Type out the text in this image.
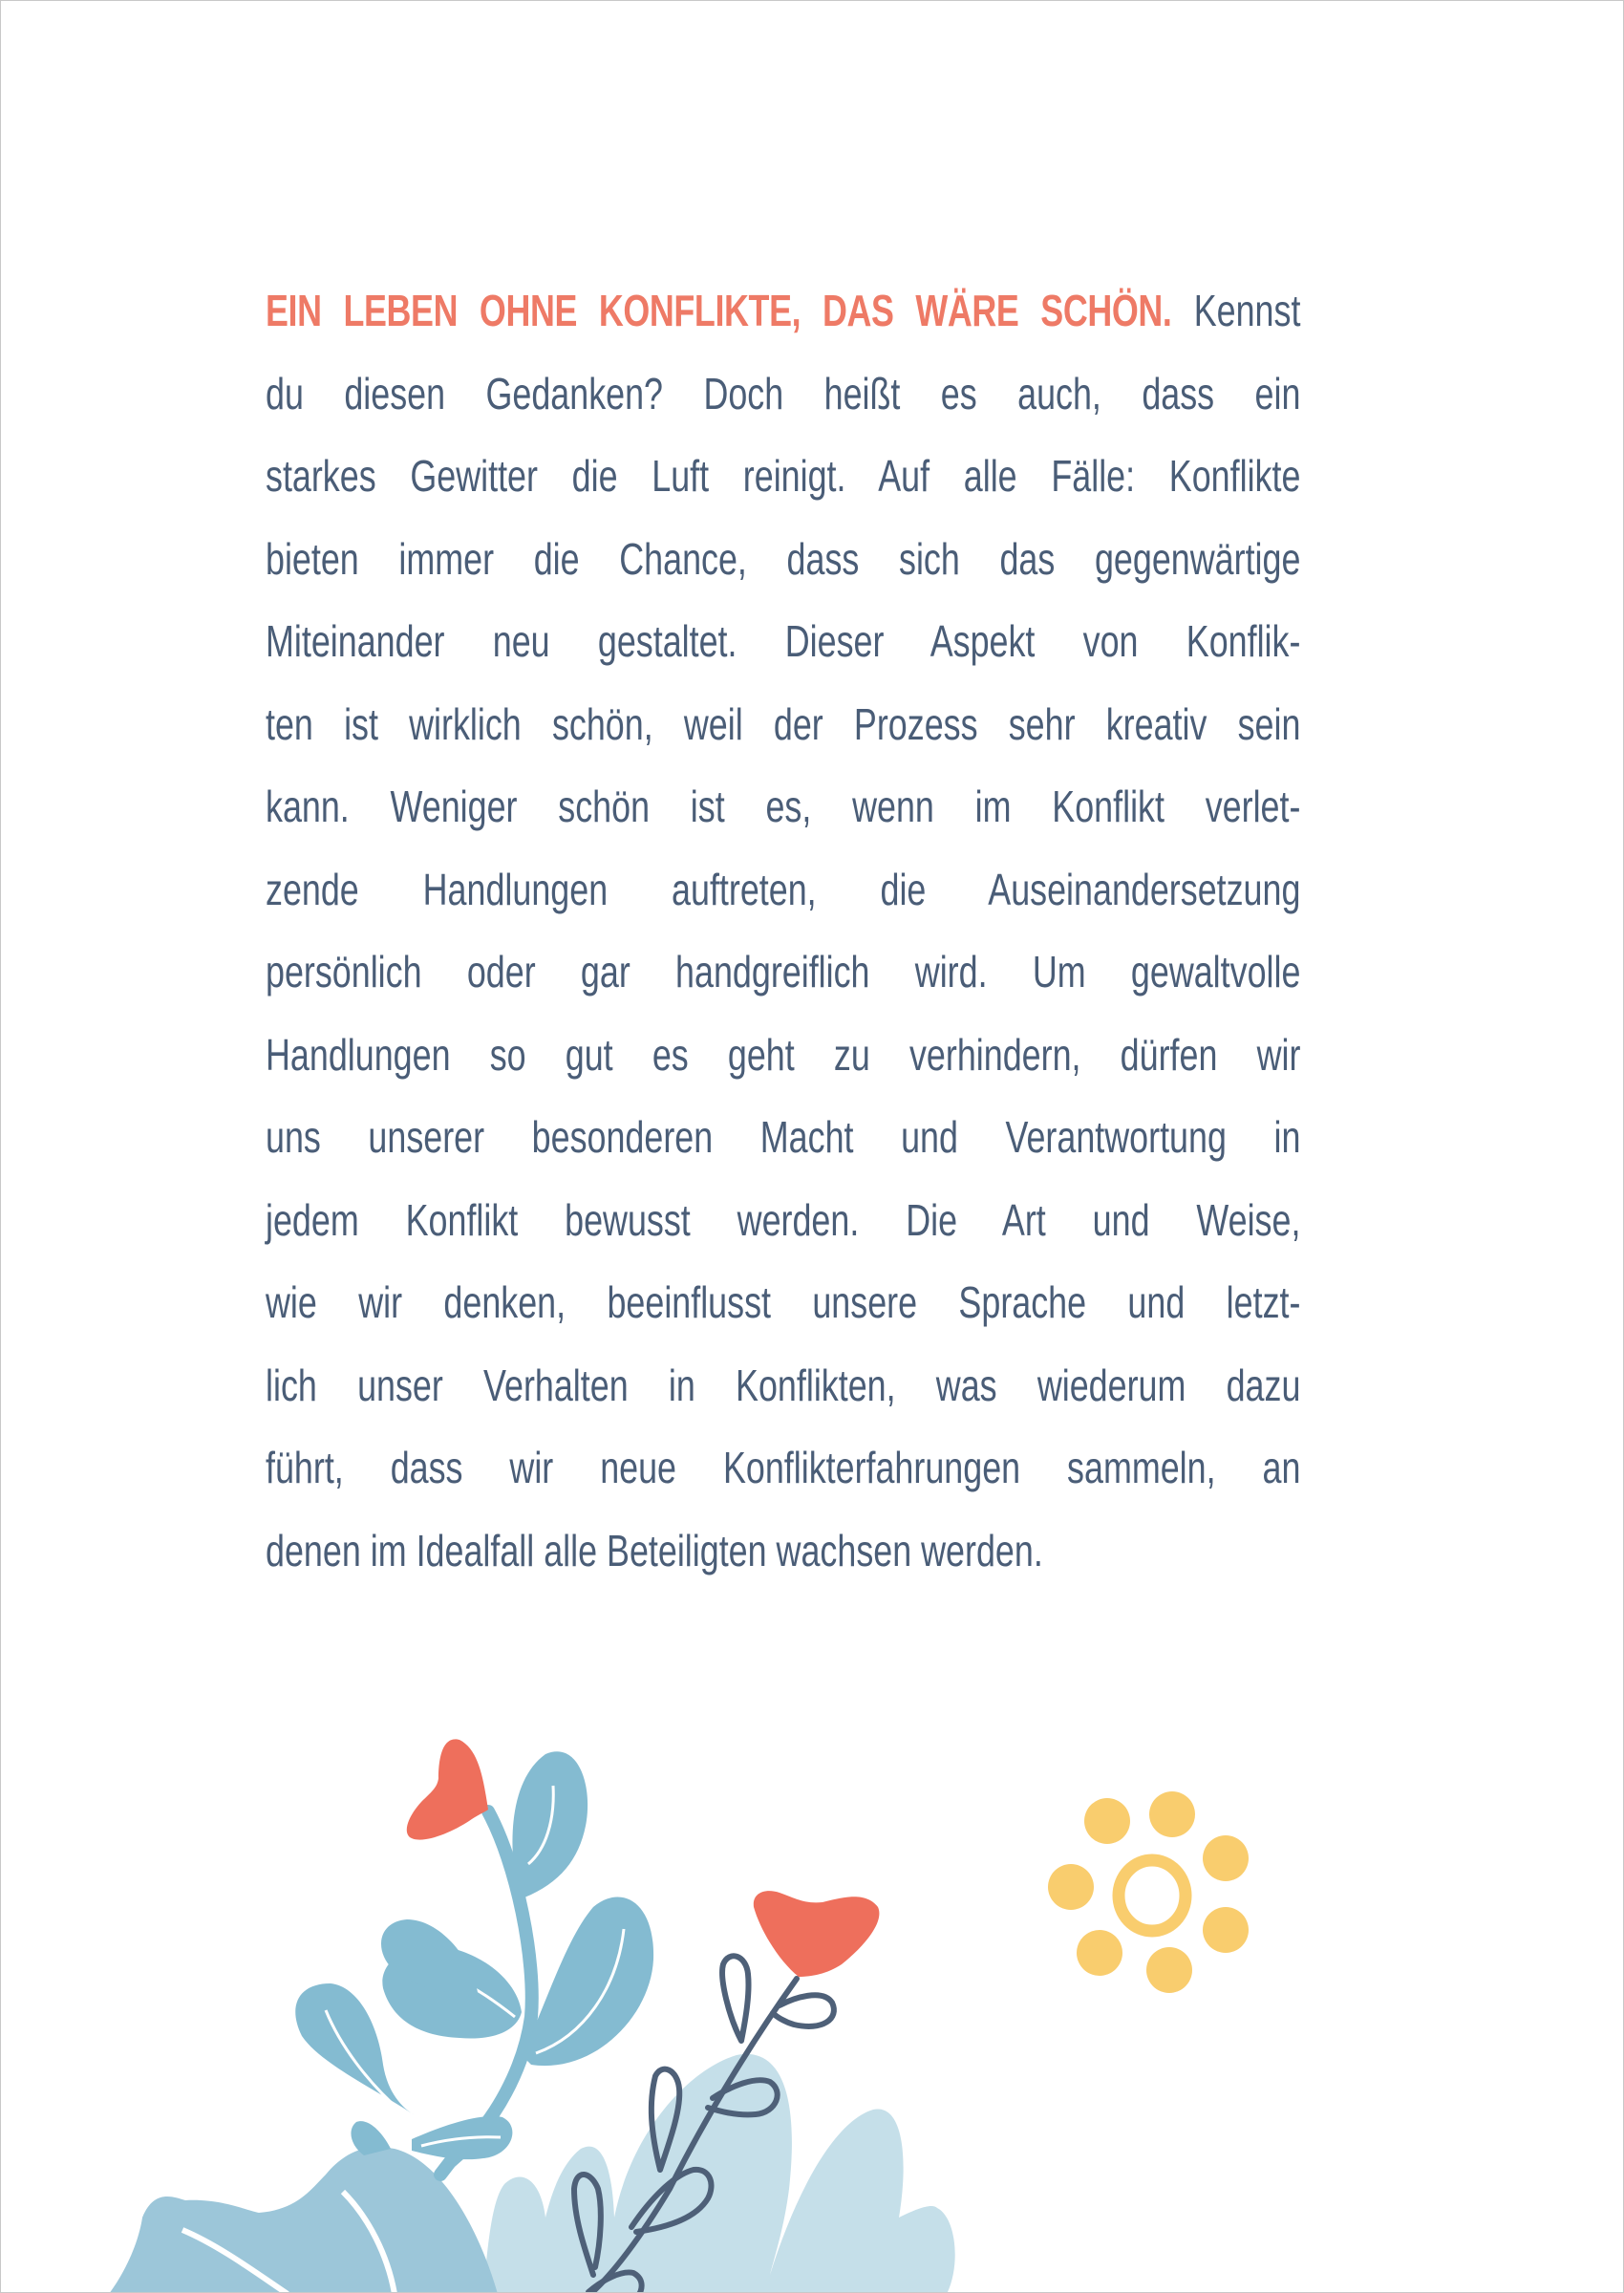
EIN LEBEN OHNE KONFLIKTE, DAS WÄRE SCHÖN. Kennst
du diesen Gedanken? Doch heißt es auch, dass ein
starkes Gewitter die Luft reinigt. Auf alle Fälle: Konflikte
bieten immer die Chance, dass sich das gegenwärtige
Miteinander neu gestaltet. Dieser Aspekt von Konflik-
ten ist wirklich schön, weil der Prozess sehr kreativ sein
kann. Weniger schön ist es, wenn im Konflikt verlet-
zende Handlungen auftreten, die Auseinandersetzung
persönlich oder gar handgreiflich wird. Um gewaltvolle
Handlungen so gut es geht zu verhindern, dürfen wir
uns unserer besonderen Macht und Verantwortung in
jedem Konflikt bewusst werden. Die Art und Weise,
wie wir denken, beeinflusst unsere Sprache und letzt-
lich unser Verhalten in Konflikten, was wiederum dazu
führt, dass wir neue Konflikterfahrungen sammeln, an
denen im Idealfall alle Beteiligten wachsen werden.
